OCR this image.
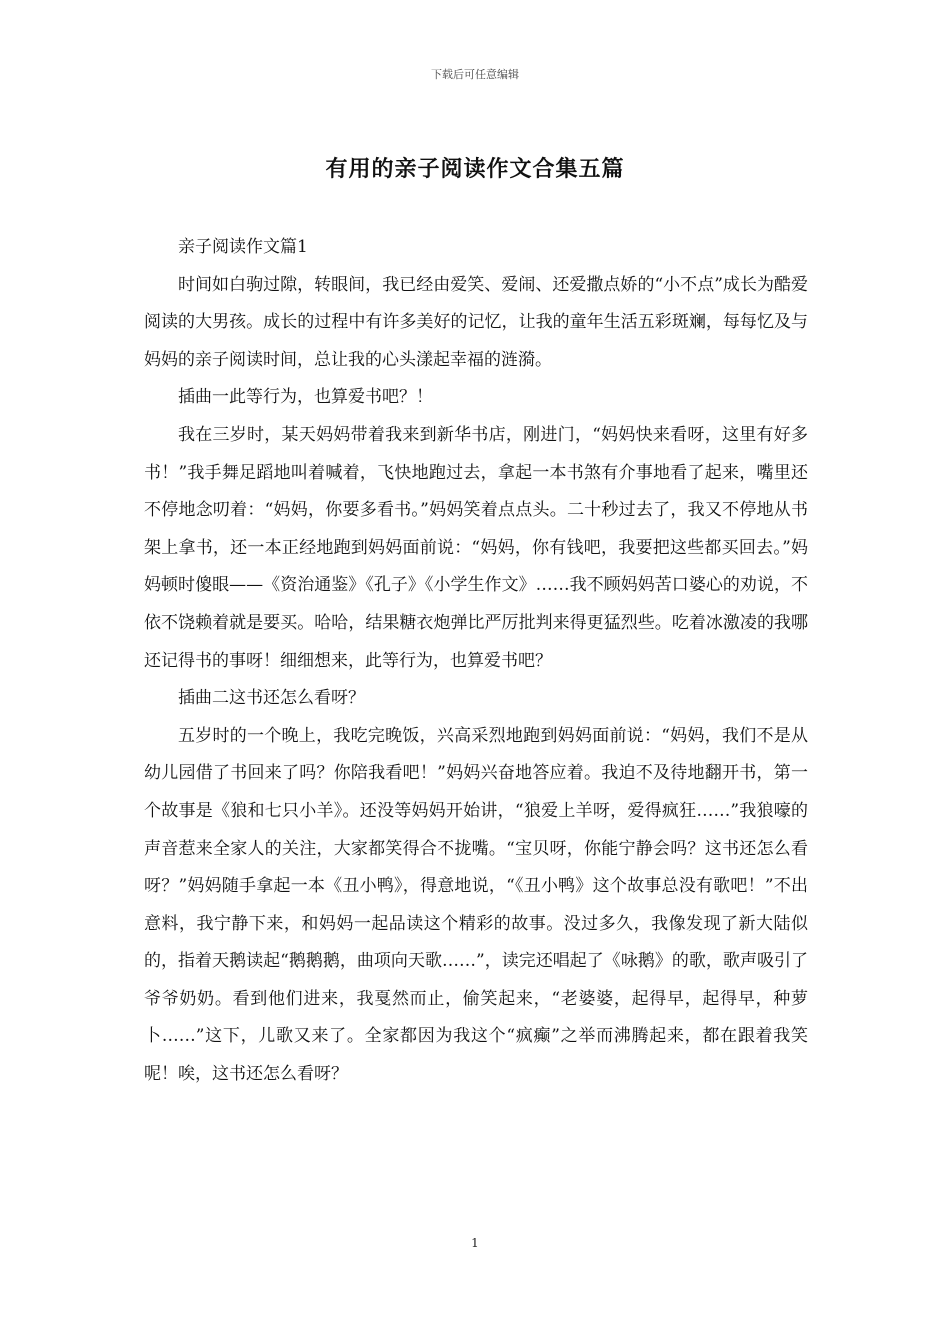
下载后可任意编辑
有用的亲子阅读作文合集五篇

亲子阅读作文篇1

时间如白驹过隙，转眼间，我已经由爱笑、爱闹、还爱撒点娇的“小不点”成长为酷爱阅读的大男孩。成长的过程中有许多美好的记忆，让我的童年生活五彩斑斓，每每忆及与妈妈的亲子阅读时间，总让我的心头漾起幸福的涟漪。

插曲一此等行为，也算爱书吧？！

我在三岁时，某天妈妈带着我来到新华书店，刚进门，“妈妈快来看呀，这里有好多书！”我手舞足蹈地叫着喊着，飞快地跑过去，拿起一本书煞有介事地看了起来，嘴里还不停地念叨着：“妈妈，你要多看书。”妈妈笑着点点头。二十秒过去了，我又不停地从书架上拿书，还一本正经地跑到妈妈面前说：“妈妈，你有钱吧，我要把这些都买回去。”妈妈顿时傻眼——《资治通鉴》《孔子》《小学生作文》……我不顾妈妈苦口婆心的劝说，不依不饶赖着就是要买。哈哈，结果糖衣炮弹比严厉批判来得更猛烈些。吃着冰激凌的我哪还记得书的事呀！细细想来，此等行为，也算爱书吧？

插曲二这书还怎么看呀？

五岁时的一个晚上，我吃完晚饭，兴高采烈地跑到妈妈面前说：“妈妈，我们不是从幼儿园借了书回来了吗？你陪我看吧！”妈妈兴奋地答应着。我迫不及待地翻开书，第一个故事是《狼和七只小羊》。还没等妈妈开始讲，“狼爱上羊呀，爱得疯狂……”我狼嚎的声音惹来全家人的关注，大家都笑得合不拢嘴。“宝贝呀，你能宁静会吗？这书还怎么看呀？”妈妈随手拿起一本《丑小鸭》，得意地说，“《丑小鸭》这个故事总没有歌吧！”不出意料，我宁静下来，和妈妈一起品读这个精彩的故事。没过多久，我像发现了新大陆似的，指着天鹅读起“鹅鹅鹅，曲项向天歌……”，读完还唱起了《咏鹅》的歌，歌声吸引了爷爷奶奶。看到他们进来，我戛然而止，偷笑起来，“老婆婆，起得早，起得早，种萝卜……”这下，儿歌又来了。全家都因为我这个“疯癫”之举而沸腾起来，都在跟着我笑呢！唉，这书还怎么看呀？

1
